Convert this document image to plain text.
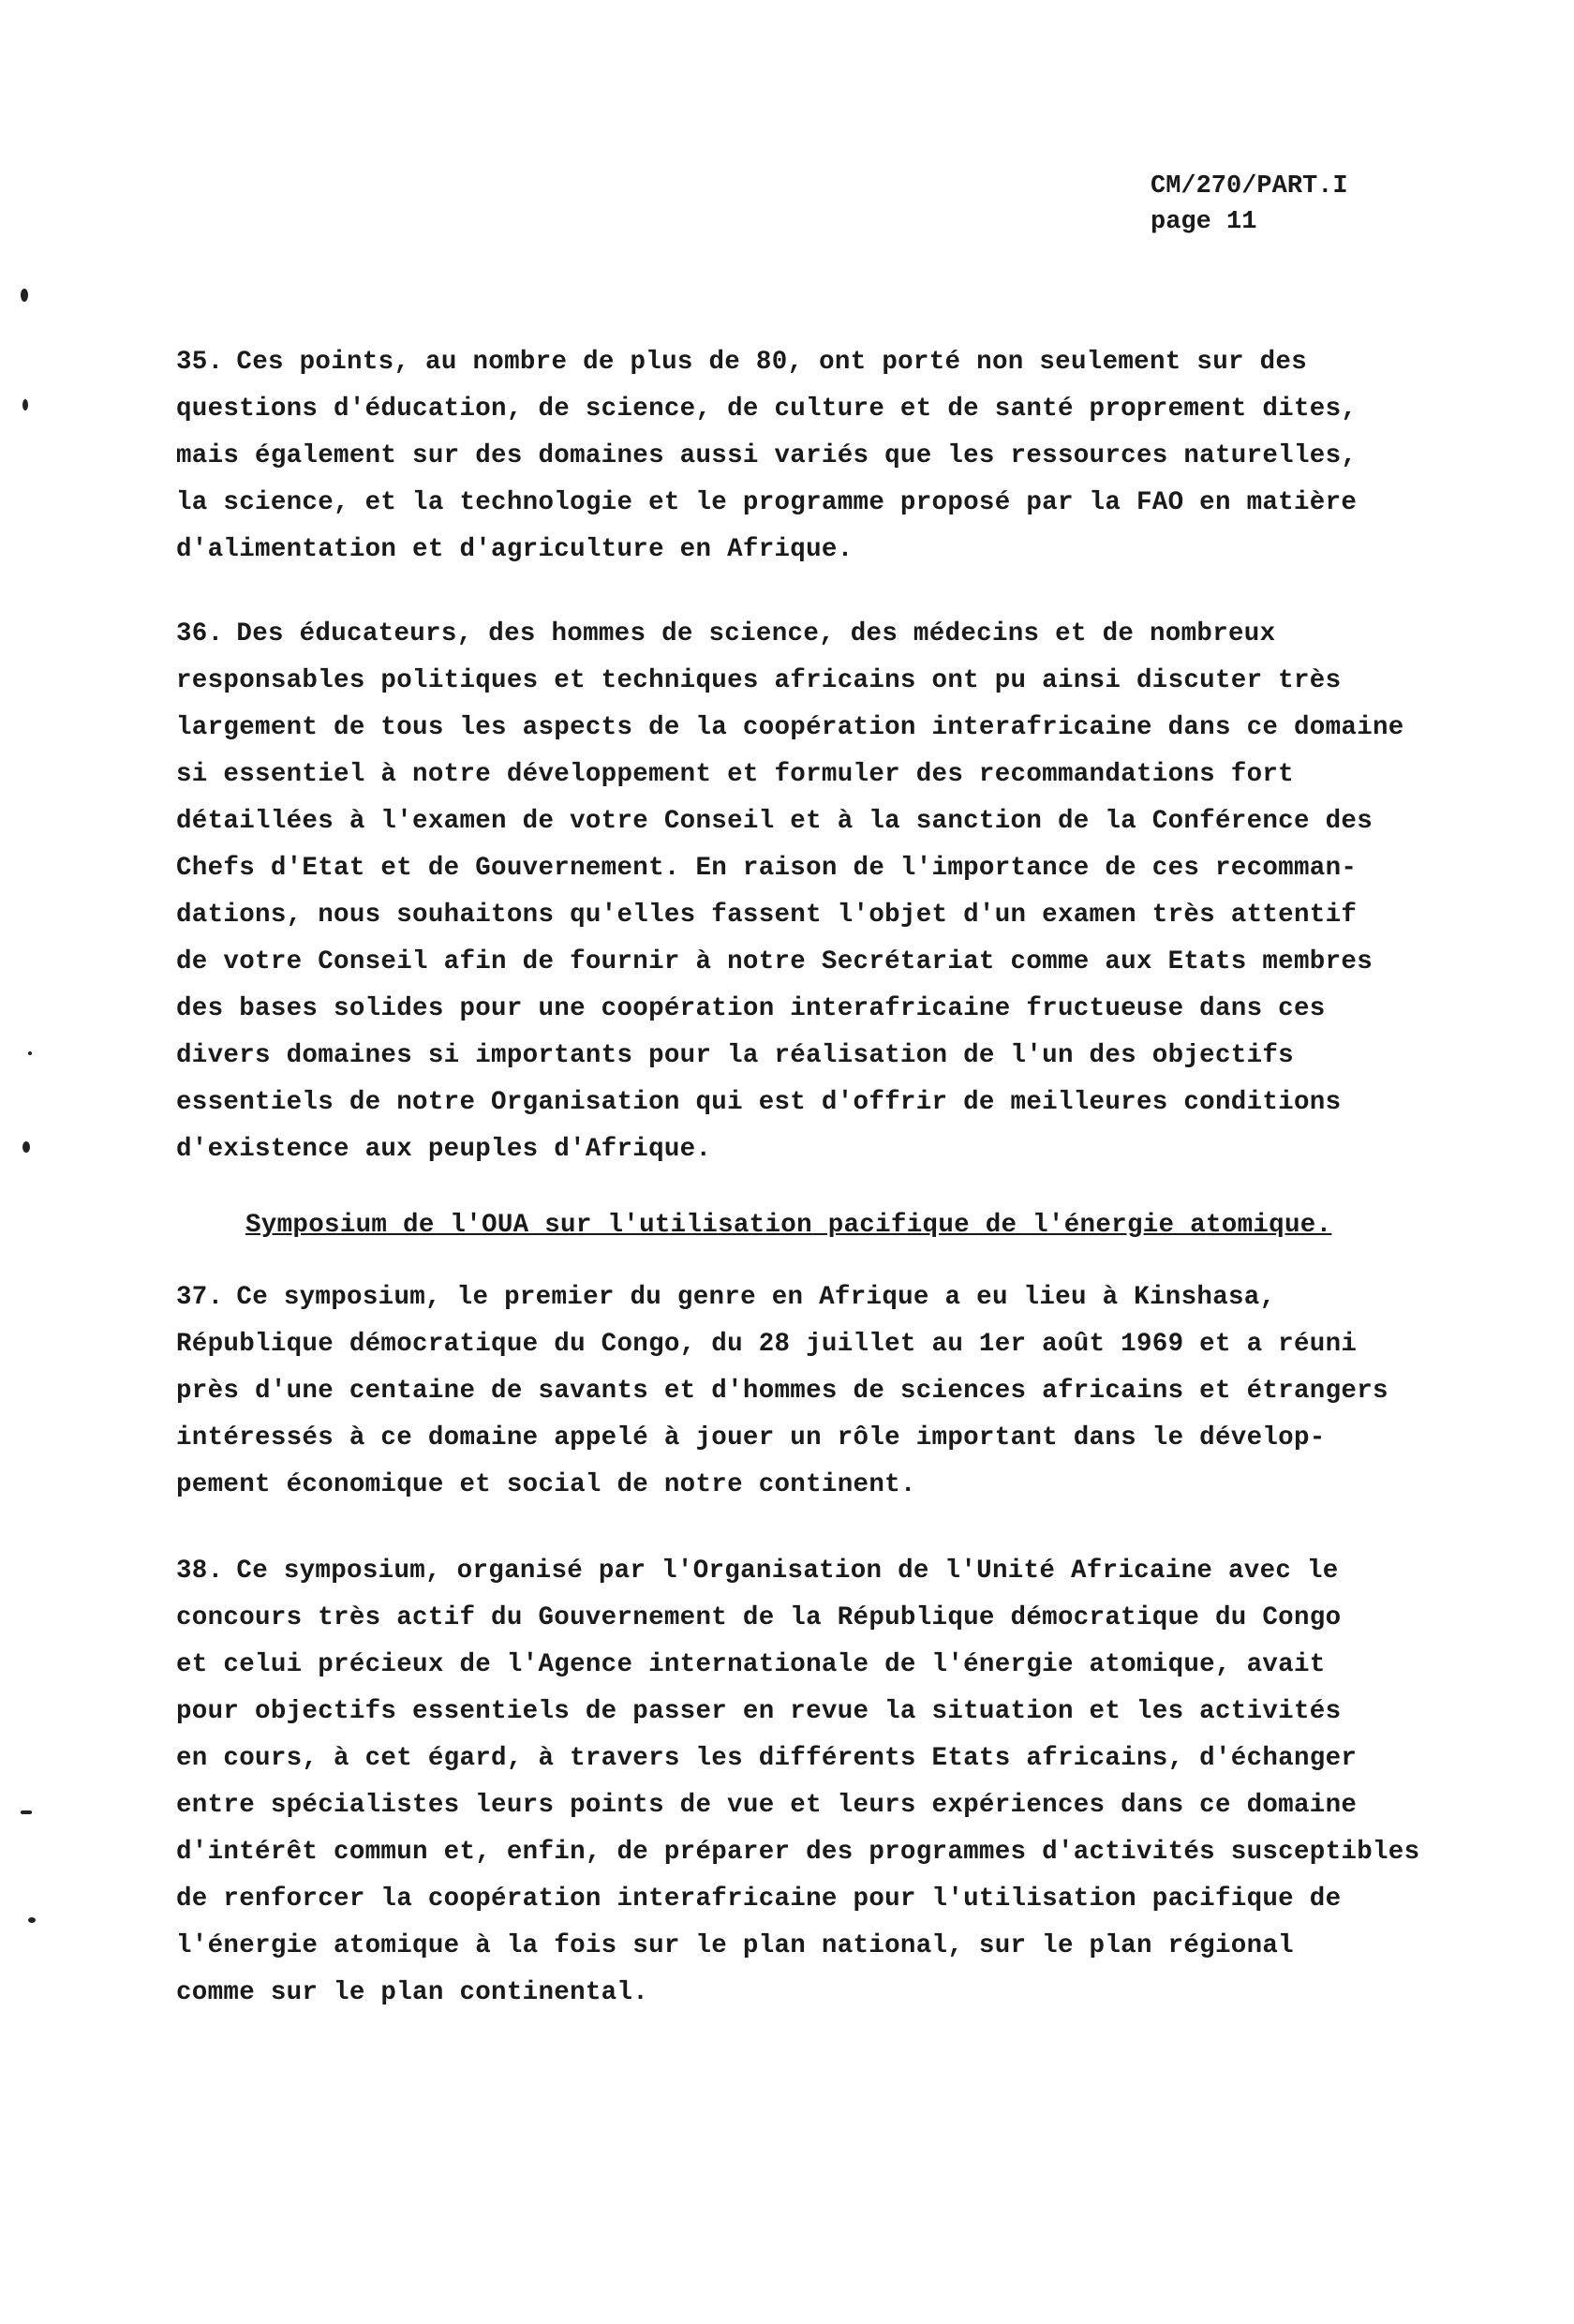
CM/270/PART.I
page 11
35. Ces points, au nombre de plus de 80, ont porté non seulement sur des
questions d'éducation, de science, de culture et de santé proprement dites,
mais également sur des domaines aussi variés que les ressources naturelles,
la science, et la technologie et le programme proposé par la FAO en matière
d'alimentation et d'agriculture en Afrique.
36. Des éducateurs, des hommes de science, des médecins et de nombreux
responsables politiques et techniques africains ont pu ainsi discuter très
largement de tous les aspects de la coopération interafricaine dans ce domaine
si essentiel à notre développement et formuler des recommandations fort
détaillées à l'examen de votre Conseil et à la sanction de la Conférence des
Chefs d'Etat et de Gouvernement. En raison de l'importance de ces recomman-
dations, nous souhaitons qu'elles fassent l'objet d'un examen très attentif
de votre Conseil afin de fournir à notre Secrétariat comme aux Etats membres
des bases solides pour une coopération interafricaine fructueuse dans ces
divers domaines si importants pour la réalisation de l'un des objectifs
essentiels de notre Organisation qui est d'offrir de meilleures conditions
d'existence aux peuples d'Afrique.
Symposium de l'OUA sur l'utilisation pacifique de l'énergie atomique.
37. Ce symposium, le premier du genre en Afrique a eu lieu à Kinshasa,
République démocratique du Congo, du 28 juillet au 1er août 1969 et a réuni
près d'une centaine de savants et d'hommes de sciences africains et étrangers
intéressés à ce domaine appelé à jouer un rôle important dans le dévelop-
pement économique et social de notre continent.
38. Ce symposium, organisé par l'Organisation de l'Unité Africaine avec le
concours très actif du Gouvernement de la République démocratique du Congo
et celui précieux de l'Agence internationale de l'énergie atomique, avait
pour objectifs essentiels de passer en revue la situation et les activités
en cours, à cet égard, à travers les différents Etats africains, d'échanger
entre spécialistes leurs points de vue et leurs expériences dans ce domaine
d'intérêt commun et, enfin, de préparer des programmes d'activités susceptibles
de renforcer la coopération interafricaine pour l'utilisation pacifique de
l'énergie atomique à la fois sur le plan national, sur le plan régional
comme sur le plan continental.
